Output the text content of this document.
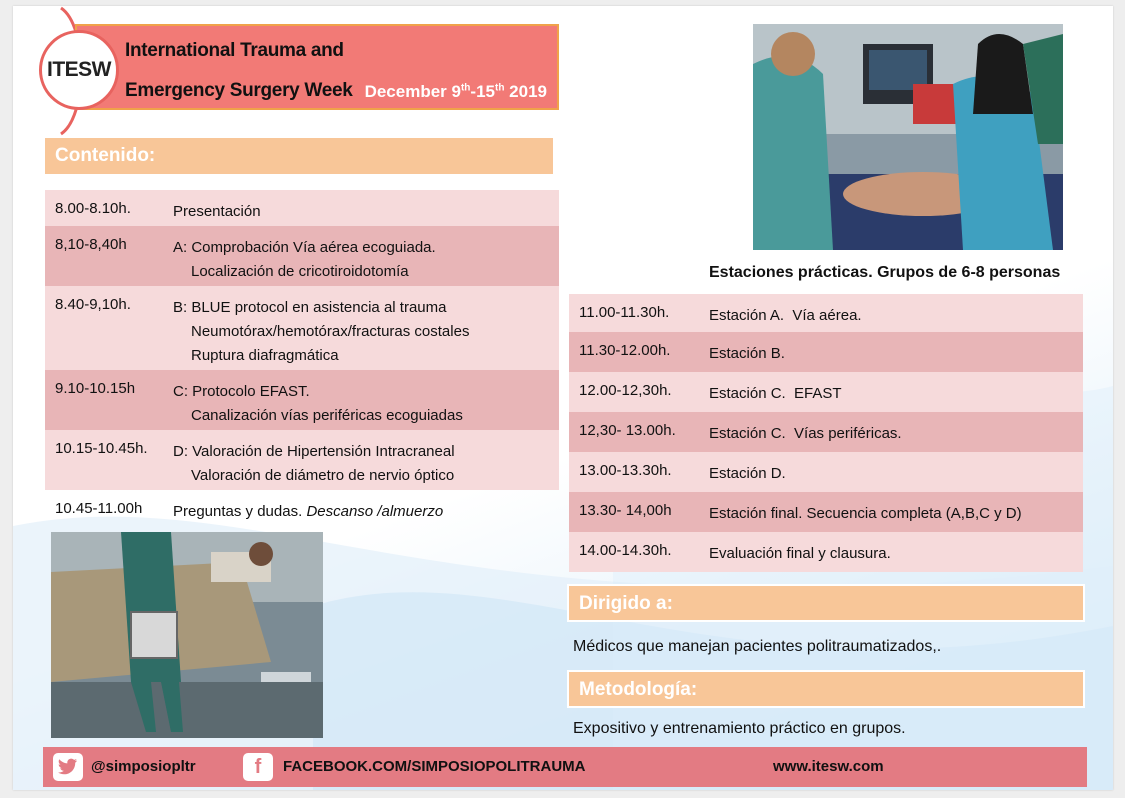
ITESW
International Trauma and
Emergency Surgery Week December 9th-15th 2019
Contenido:
8.00-8.10h.	Presentación
8,10-8,40h	A: Comprobación Vía aérea ecoguiada.
Localización de cricotiroidotomía
8.40-9,10h.	B: BLUE protocol en asistencia al trauma
Neumotórax/hemotórax/fracturas costales
Ruptura diafragmática
9.10-10.15h	C: Protocolo EFAST.
Canalización vías periféricas ecoguiadas
10.15-10.45h. D: Valoración de Hipertensión Intracraneal
Valoración de diámetro de nervio óptico
10.45-11.00h Preguntas y dudas. Descanso /almuerzo
Estaciones prácticas. Grupos de 6-8 personas
11.00-11.30h.	Estación A.  Vía aérea.
11.30-12.00h.	Estación B.
12.00-12,30h. Estación C.  EFAST
12,30- 13.00h. Estación C.  Vías periféricas.
13.00-13.30h. Estación D.
13.30- 14,00h Estación final. Secuencia completa (A,B,C y D)
14.00-14.30h. Evaluación final y clausura.
Dirigido a:
Médicos que manejan pacientes politraumatizados,.
Metodología:
Expositivo y entrenamiento práctico en grupos.
@simposiopltr	f	FACEBOOK.COM/SIMPOSIOPOLITRAUMA	www.itesw.com
